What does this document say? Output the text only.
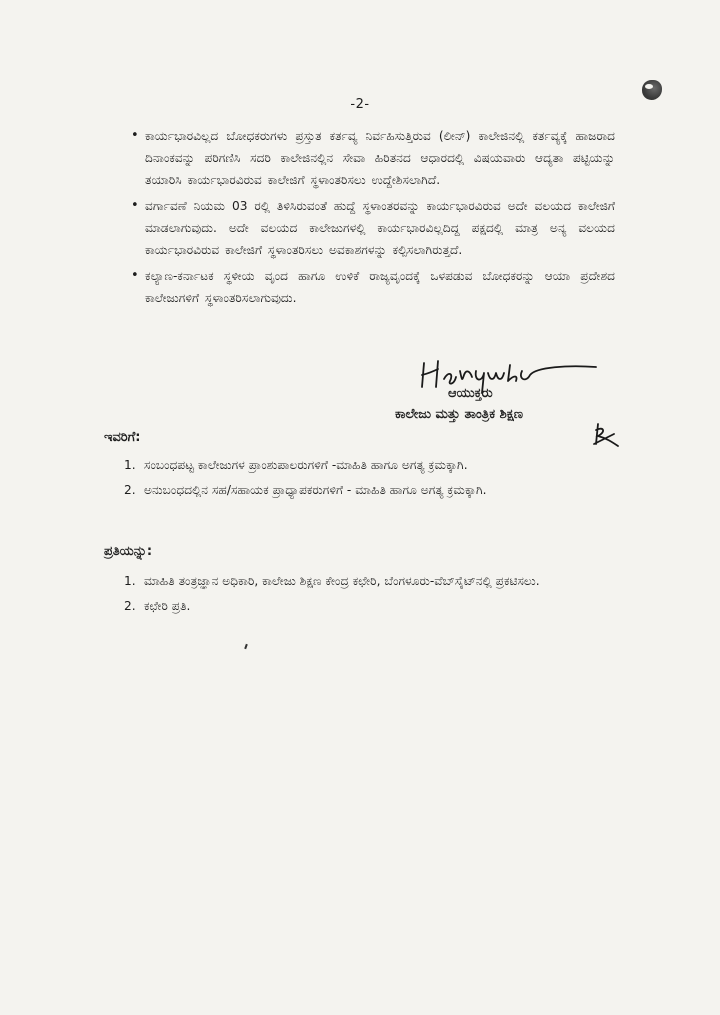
-2-
• ಕಾರ್ಯಭಾರವಿಲ್ಲದ ಬೋಧಕರುಗಳು ಪ್ರಸ್ತುತ ಕರ್ತವ್ಯ ನಿರ್ವಹಿಸುತ್ತಿರುವ (ಲೀನ್) ಕಾಲೇಜಿನಲ್ಲಿ ಕರ್ತವ್ಯಕ್ಕೆ ಹಾಜರಾದ ದಿನಾಂಕವನ್ನು ಪರಿಗಣಿಸಿ ಸದರಿ ಕಾಲೇಜಿನಲ್ಲಿನ ಸೇವಾ ಹಿರಿತನದ ಆಧಾರದಲ್ಲಿ ವಿಷಯವಾರು ಆದ್ಯತಾ ಪಟ್ಟಿಯನ್ನು ತಯಾರಿಸಿ ಕಾರ್ಯಭಾರವಿರುವ ಕಾಲೇಜಿಗೆ ಸ್ಥಳಾಂತರಿಸಲು ಉದ್ದೇಶಿಸಲಾಗಿದೆ.
• ವರ್ಗಾವಣೆ ನಿಯಮ 03 ರಲ್ಲಿ ತಿಳಿಸಿರುವಂತೆ ಹುದ್ದೆ ಸ್ಥಳಾಂತರವನ್ನು ಕಾರ್ಯಭಾರವಿರುವ ಅದೇ ವಲಯದ ಕಾಲೇಜಿಗೆ ಮಾಡಲಾಗುವುದು. ಅದೇ ವಲಯದ ಕಾಲೇಜುಗಳಲ್ಲಿ ಕಾರ್ಯಭಾರವಿಲ್ಲದಿದ್ದ ಪಕ್ಷದಲ್ಲಿ ಮಾತ್ರ ಅನ್ಯ ವಲಯದ ಕಾರ್ಯಭಾರವಿರುವ ಕಾಲೇಜಿಗೆ ಸ್ಥಳಾಂತರಿಸಲು ಅವಕಾಶಗಳನ್ನು ಕಲ್ಪಿಸಲಾಗಿರುತ್ತದೆ.
• ಕಲ್ಯಾಣ-ಕರ್ನಾಟಕ ಸ್ಥಳೀಯ ವೃಂದ ಹಾಗೂ ಉಳಿಕೆ ರಾಜ್ಯವೃಂದಕ್ಕೆ ಒಳಪಡುವ ಬೋಧಕರನ್ನು ಆಯಾ ಪ್ರದೇಶದ ಕಾಲೇಜುಗಳಿಗೆ ಸ್ಥಳಾಂತರಿಸಲಾಗುವುದು.
ಆಯುಕ್ತರು
ಕಾಲೇಜು ಮತ್ತು ತಾಂತ್ರಿಕ ಶಿಕ್ಷಣ
ಇವರಿಗೆ:
1. ಸಂಬಂಧಪಟ್ಟ ಕಾಲೇಜುಗಳ ಪ್ರಾಂಶುಪಾಲರುಗಳಿಗೆ -ಮಾಹಿತಿ ಹಾಗೂ ಅಗತ್ಯ ಕ್ರಮಕ್ಕಾಗಿ.
2. ಅನುಬಂಧದಲ್ಲಿನ ಸಹ/ಸಹಾಯಕ ಪ್ರಾಧ್ಯಾಪಕರುಗಳಿಗೆ - ಮಾಹಿತಿ ಹಾಗೂ ಅಗತ್ಯ ಕ್ರಮಕ್ಕಾಗಿ.
ಪ್ರತಿಯನ್ನು:
1. ಮಾಹಿತಿ ತಂತ್ರಜ್ಞಾನ ಅಧಿಕಾರಿ, ಕಾಲೇಜು ಶಿಕ್ಷಣ ಕೇಂದ್ರ ಕಛೇರಿ, ಬೆಂಗಳೂರು-ವೆಬ್‌ಸೈಟ್‌ನಲ್ಲಿ ಪ್ರಕಟಿಸಲು.
2. ಕಛೇರಿ ಪ್ರತಿ.
